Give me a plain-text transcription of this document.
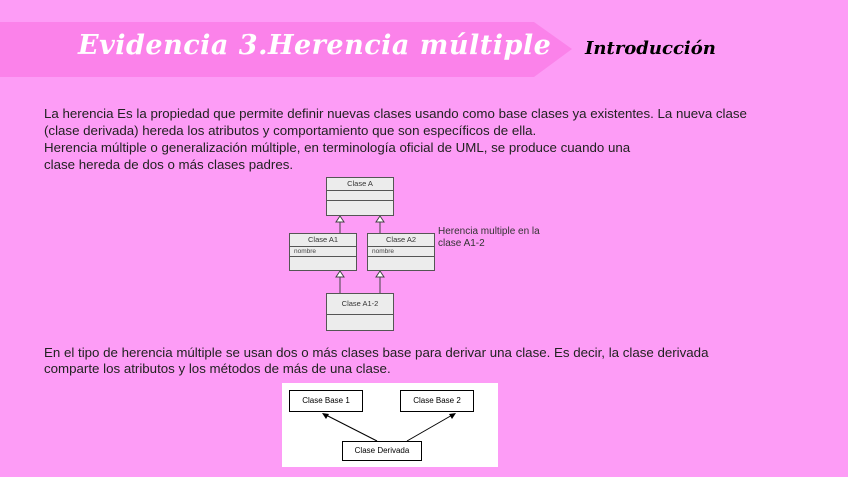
Evidencia 3.Herencia múltiple Introducción
La herencia Es la propiedad que permite definir nuevas clases usando como base clases ya existentes. La nueva clase
(clase derivada) hereda los atributos y comportamiento que son específicos de ella.
Herencia múltiple o generalización múltiple, en terminología oficial de UML, se produce cuando una
clase hereda de dos o más clases padres.
Clase A
Clase A1
nombre
Clase A2
nombre
Clase A1-2
Herencia multiple en la
clase A1-2
En el tipo de herencia múltiple se usan dos o más clases base para derivar una clase. Es decir, la clase derivada
comparte los atributos y los métodos de más de una clase.
Clase Base 1	Clase Base 2
Clase Derivada
